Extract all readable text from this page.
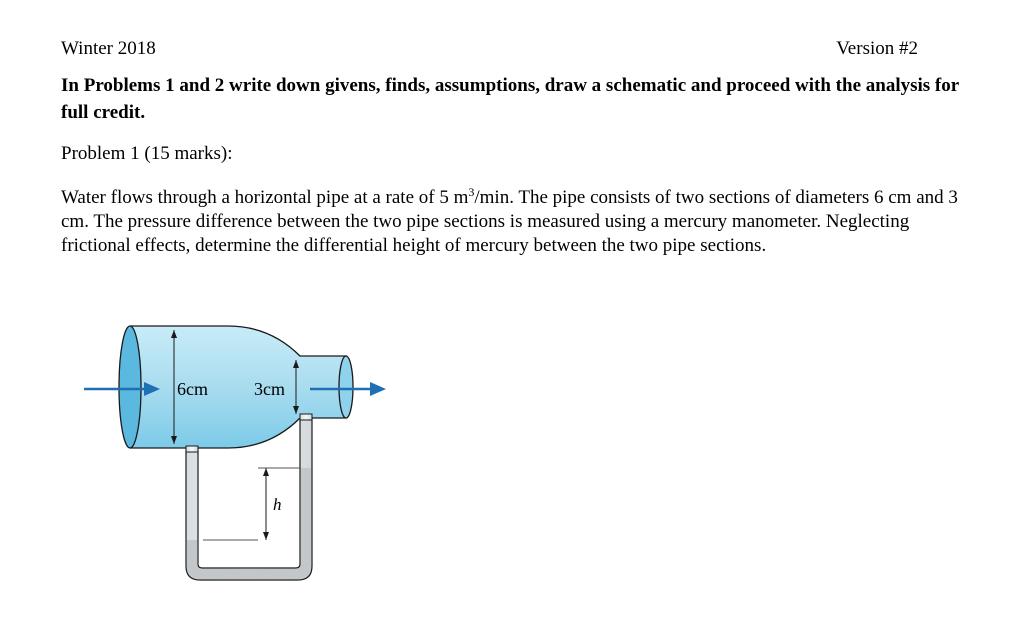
Winter 2018	Version #2
In Problems 1 and 2 write down givens, finds, assumptions, draw a schematic and proceed with the analysis for full credit.
Problem 1 (15 marks):
Water flows through a horizontal pipe at a rate of 5 $m^3/\min$. The pipe consists of two sections of diameters 6 cm and 3 cm. The pressure difference between the two pipe sections is measured using a mercury manometer. Neglecting frictional effects, determine the differential height of mercury between the two pipe sections.
h
6cm	3cm
